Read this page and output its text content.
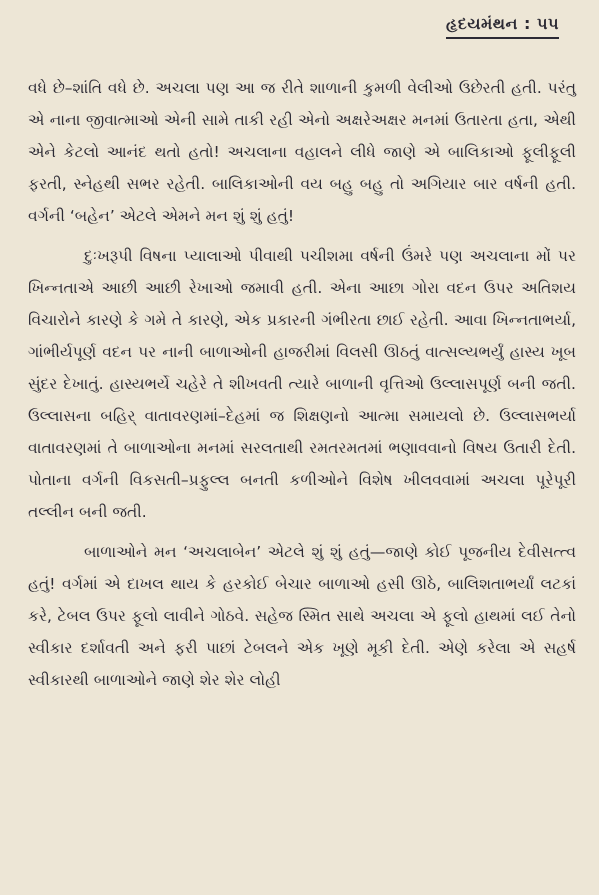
હૃદયમંથન : ૫૫

વધે છે–શાંતિ વધે છે. અચલા પણ આ જ રીતે શાળાની કુમળી વેલીઓ ઉછેરતી હતી. પરંતુ એ નાના જીવાત્માઓ એની સામે તાકી રહી એનો અક્ષરેઅક્ષર મનમાં ઉતારતા હતા, એથી એને કેટલો આનંદ થતો હતો! અચલાના વહાલને લીધે જાણે એ બાલિકાઓ ફૂલીફૂલી ફરતી, સ્નેહથી સભર રહેતી. બાલિકાઓની વય બહુ બહુ તો અગિયાર બાર વર્ષની હતી. વર્ગની ‘બહેન’ એટલે એમને મન શું શું હતું!

દુઃખરૂપી વિષના પ્યાલાઓ પીવાથી પચીશમા વર્ષની ઉંમરે પણ અચલાના મોં પર ખિન્નતાએ આછી આછી રેખાઓ જમાવી હતી. એના આછા ગોરા વદન ઉપર અતિશય વિચારોને કારણે કે ગમે તે કારણે, એક પ્રકારની ગંભીરતા છાઈ રહેતી. આવા ખિન્નતાભર્યા, ગાંભીર્યપૂર્ણ વદન પર નાની બાળાઓની હાજરીમાં વિલસી ઊઠતું વાત્સલ્યભર્યું હાસ્ય ખૂબ સુંદર દેખાતું. હાસ્યભર્યે ચહેરે તે શીખવતી ત્યારે બાળાની વૃત્તિઓ ઉલ્લાસપૂર્ણ બની જતી. ઉલ્લાસના બહિર્ વાતાવરણમાં–દેહમાં જ શિક્ષણનો આત્મા સમાયલો છે. ઉલ્લાસભર્યા વાતાવરણમાં તે બાળાઓના મનમાં સરલતાથી રમતરમતમાં ભણાવવાનો વિષય ઉતારી દેતી. પોતાના વર્ગની વિકસતી–પ્રફુલ્લ બનતી કળીઓને વિશેષ ખીલવવામાં અચલા પૂરેપૂરી તલ્લીન બની જતી.

બાળાઓને મન ‘અચલાબેન’ એટલે શું શું હતું—જાણે કોઈ પૂજનીય દેવીસત્ત્વ હતું! વર્ગમાં એ દાખલ થાય કે હરકોઈ બેચાર બાળાઓ હસી ઊઠે, બાલિશતાભર્યાં લટકાં કરે, ટેબલ ઉપર ફૂલો લાવીને ગોઠવે. સહેજ સ્મિત સાથે અચલા એ ફૂલો હાથમાં લઈ તેનો સ્વીકાર દર્શાવતી અને ફરી પાછાં ટેબલને એક ખૂણે મૂકી દેતી. એણે કરેલા એ સહર્ષ સ્વીકારથી બાળાઓને જાણે શેર શેર લોહી
